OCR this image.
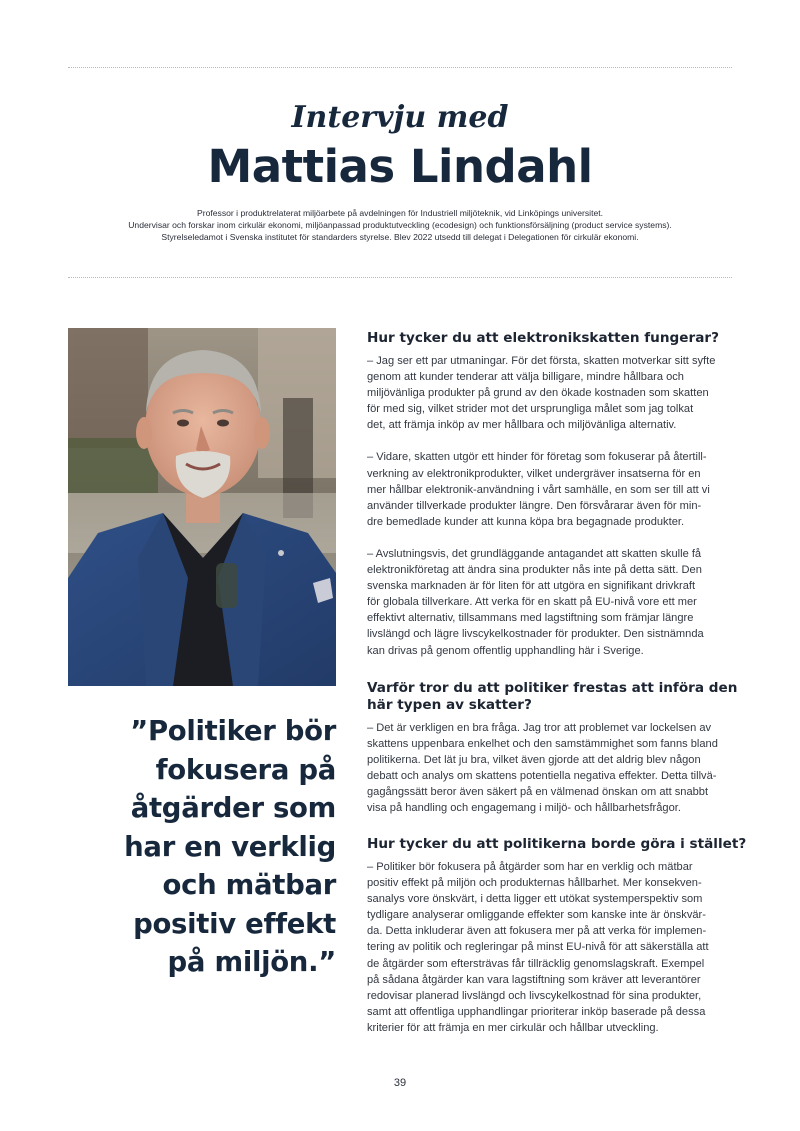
Intervju med
Mattias Lindahl
Professor i produktrelaterat miljöarbete på avdelningen för Industriell miljöteknik, vid Linköpings universitet.
Undervisar och forskar inom cirkulär ekonomi, miljöanpassad produktutveckling (ecodesign) och funktionsförsäljning (product service systems).
Styrelseledamot i Svenska institutet för standarders styrelse. Blev 2022 utsedd till delegat i Delegationen för cirkulär ekonomi.
”Politiker bör
fokusera på
åtgärder som
har en verklig
och mätbar
positiv effekt
på miljön.”
Hur tycker du att elektronikskatten fungerar?
– Jag ser ett par utmaningar. För det första, skatten motverkar sitt syfte
genom att kunder tenderar att välja billigare, mindre hållbara och
miljövänliga produkter på grund av den ökade kostnaden som skatten
för med sig, vilket strider mot det ursprungliga målet som jag tolkat
det, att främja inköp av mer hållbara och miljövänliga alternativ.
– Vidare, skatten utgör ett hinder för företag som fokuserar på återtill-
verkning av elektronikprodukter, vilket undergräver insatserna för en
mer hållbar elektronik-användning i vårt samhälle, en som ser till att vi
använder tillverkade produkter längre. Den försvårarar även för min-
dre bemedlade kunder att kunna köpa bra begagnade produkter.
– Avslutningsvis, det grundläggande antagandet att skatten skulle få
elektronikföretag att ändra sina produkter nås inte på detta sätt. Den
svenska marknaden är för liten för att utgöra en signifikant drivkraft
för globala tillverkare. Att verka för en skatt på EU-nivå vore ett mer
effektivt alternativ, tillsammans med lagstiftning som främjar längre
livslängd och lägre livscykelkostnader för produkter. Den sistnämnda
kan drivas på genom offentlig upphandling här i Sverige.
Varför tror du att politiker frestas att införa den
här typen av skatter?
– Det är verkligen en bra fråga. Jag tror att problemet var lockelsen av
skattens uppenbara enkelhet och den samstämmighet som fanns bland
politikerna. Det lät ju bra, vilket även gjorde att det aldrig blev någon
debatt och analys om skattens potentiella negativa effekter. Detta tillvä-
gagångssätt beror även säkert på en välmenad önskan om att snabbt
visa på handling och engagemang i miljö- och hållbarhetsfrågor.
Hur tycker du att politikerna borde göra i stället?
– Politiker bör fokusera på åtgärder som har en verklig och mätbar
positiv effekt på miljön och produkternas hållbarhet. Mer konsekven-
sanalys vore önskvärt, i detta ligger ett utökat systemperspektiv som
tydligare analyserar omliggande effekter som kanske inte är önskvär-
da. Detta inkluderar även att fokusera mer på att verka för implemen-
tering av politik och regleringar på minst EU-nivå för att säkerställa att
de åtgärder som eftersträvas får tillräcklig genomslagskraft. Exempel
på sådana åtgärder kan vara lagstiftning som kräver att leverantörer
redovisar planerad livslängd och livscykelkostnad för sina produkter,
samt att offentliga upphandlingar prioriterar inköp baserade på dessa
kriterier för att främja en mer cirkulär och hållbar utveckling.
39
